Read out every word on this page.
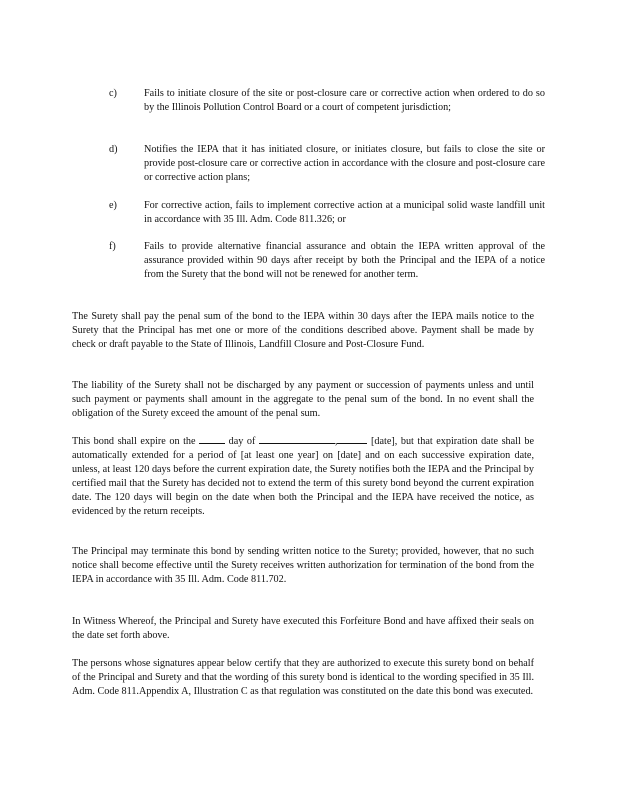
c)	Fails to initiate closure of the site or post-closure care or corrective action when ordered to do so by the Illinois Pollution Control Board or a court of competent jurisdiction;
d)	Notifies the IEPA that it has initiated closure, or initiates closure, but fails to close the site or provide post-closure care or corrective action in accordance with the closure and post-closure care or corrective action plans;
e)	For corrective action, fails to implement corrective action at a municipal solid waste landfill unit in accordance with 35 Ill. Adm. Code 811.326; or
f)	Fails to provide alternative financial assurance and obtain the IEPA written approval of the assurance provided within 90 days after receipt by both the Principal and the IEPA of a notice from the Surety that the bond will not be renewed for another term.
The Surety shall pay the penal sum of the bond to the IEPA within 30 days after the IEPA mails notice to the Surety that the Principal has met one or more of the conditions described above. Payment shall be made by check or draft payable to the State of Illinois, Landfill Closure and Post-Closure Fund.
The liability of the Surety shall not be discharged by any payment or succession of payments unless and until such payment or payments shall amount in the aggregate to the penal sum of the bond. In no event shall the obligation of the Surety exceed the amount of the penal sum.
This bond shall expire on the	day of	,	[date], but that expiration date shall be automatically extended for a period of [at least one year] on [date] and on each successive expiration date, unless, at least 120 days before the current expiration date, the Surety notifies both the IEPA and the Principal by certified mail that the Surety has decided not to extend the term of this surety bond beyond the current expiration date. The 120 days will begin on the date when both the Principal and the IEPA have received the notice, as evidenced by the return receipts.
The Principal may terminate this bond by sending written notice to the Surety; provided, however, that no such notice shall become effective until the Surety receives written authorization for termination of the bond from the IEPA in accordance with 35 Ill. Adm. Code 811.702.
In Witness Whereof, the Principal and Surety have executed this Forfeiture Bond and have affixed their seals on the date set forth above.
The persons whose signatures appear below certify that they are authorized to execute this surety bond on behalf of the Principal and Surety and that the wording of this surety bond is identical to the wording specified in 35 Ill. Adm. Code 811.Appendix A, Illustration C as that regulation was constituted on the date this bond was executed.
